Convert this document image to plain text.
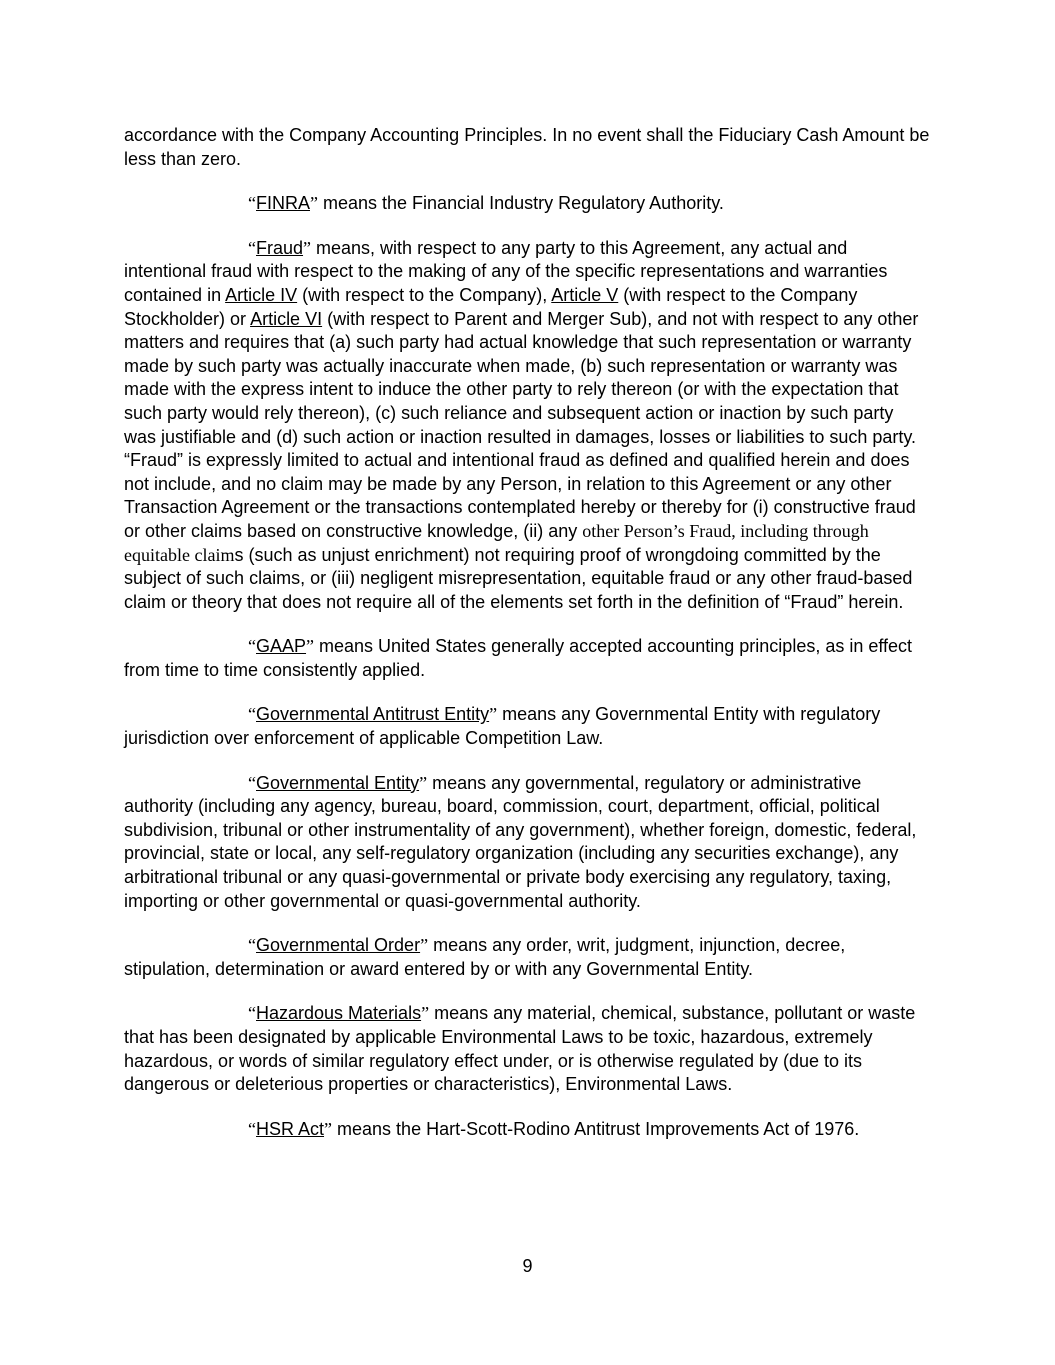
accordance with the Company Accounting Principles. In no event shall the Fiduciary Cash Amount be less than zero.

“FINRA” means the Financial Industry Regulatory Authority.

“Fraud” means, with respect to any party to this Agreement, any actual and intentional fraud with respect to the making of any of the specific representations and warranties contained in Article IV (with respect to the Company), Article V (with respect to the Company Stockholder) or Article VI (with respect to Parent and Merger Sub), and not with respect to any other matters and requires that (a) such party had actual knowledge that such representation or warranty made by such party was actually inaccurate when made, (b) such representation or warranty was made with the express intent to induce the other party to rely thereon (or with the expectation that such party would rely thereon), (c) such reliance and subsequent action or inaction by such party was justifiable and (d) such action or inaction resulted in damages, losses or liabilities to such party. “Fraud” is expressly limited to actual and intentional fraud as defined and qualified herein and does not include, and no claim may be made by any Person, in relation to this Agreement or any other Transaction Agreement or the transactions contemplated hereby or thereby for (i) constructive fraud or other claims based on constructive knowledge, (ii) any other Person’s Fraud, including through equitable claims (such as unjust enrichment) not requiring proof of wrongdoing committed by the subject of such claims, or (iii) negligent misrepresentation, equitable fraud or any other fraud-based claim or theory that does not require all of the elements set forth in the definition of “Fraud” herein.

“GAAP” means United States generally accepted accounting principles, as in effect from time to time consistently applied.

“Governmental Antitrust Entity” means any Governmental Entity with regulatory jurisdiction over enforcement of applicable Competition Law.

“Governmental Entity” means any governmental, regulatory or administrative authority (including any agency, bureau, board, commission, court, department, official, political subdivision, tribunal or other instrumentality of any government), whether foreign, domestic, federal, provincial, state or local, any self-regulatory organization (including any securities exchange), any arbitrational tribunal or any quasi-governmental or private body exercising any regulatory, taxing, importing or other governmental or quasi-governmental authority.

“Governmental Order” means any order, writ, judgment, injunction, decree, stipulation, determination or award entered by or with any Governmental Entity.

“Hazardous Materials” means any material, chemical, substance, pollutant or waste that has been designated by applicable Environmental Laws to be toxic, hazardous, extremely hazardous, or words of similar regulatory effect under, or is otherwise regulated by (due to its dangerous or deleterious properties or characteristics), Environmental Laws.

“HSR Act” means the Hart-Scott-Rodino Antitrust Improvements Act of 1976.

9
